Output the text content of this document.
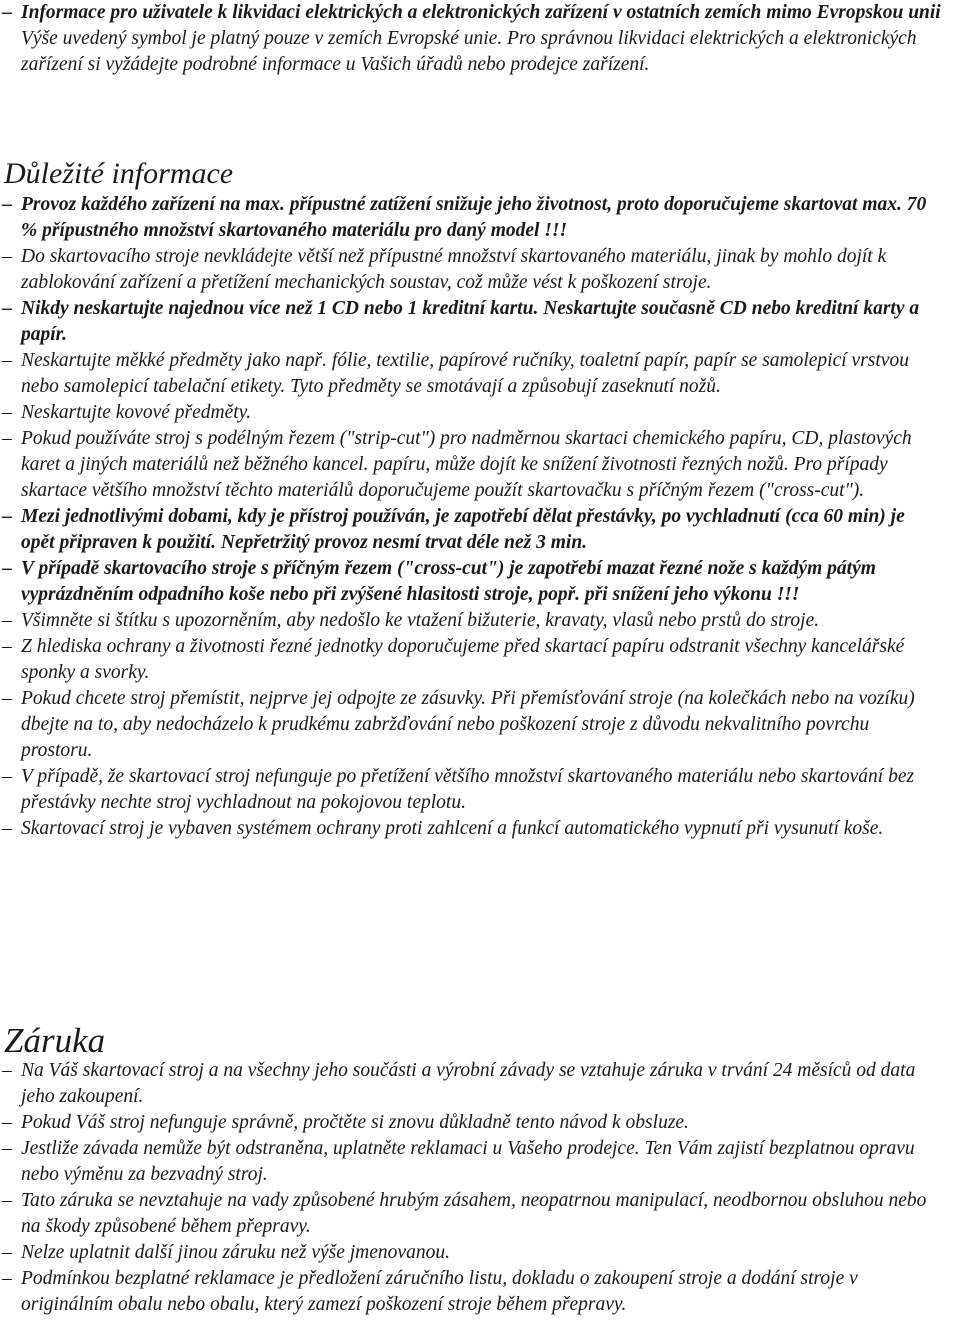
– Informace pro uživatele k likvidaci elektrických a elektronických zařízení v ostatních zemích mimo Evropskou unii
Výše uvedený symbol je platný pouze v zemích Evropské unie. Pro správnou likvidaci elektrických a elektronických zařízení si vyžádejte podrobné informace u Vašich úřadů nebo prodejce zařízení.
Důležité informace
– Provoz každého zařízení na max. přípustné zatížení snižuje jeho životnost, proto doporučujeme skartovat max. 70 % přípustného množství skartovaného materiálu pro daný model !!!
– Do skartovacího stroje nevkládejte větší než přípustné množství skartovaného materiálu, jinak by mohlo dojít k zablokování zařízení a přetížení mechanických soustav, což může vést k poškození stroje.
– Nikdy neskartujte najednou více než 1 CD nebo 1 kreditní kartu. Neskartujte současně CD nebo kreditní karty a papír.
– Neskartujte měkké předměty jako např. fólie, textilie, papírové ručníky, toaletní papír, papír se samolepicí vrstvou nebo samolepicí tabelační etikety. Tyto předměty se smotávají a způsobují zaseknutí nožů.
– Neskartujte kovové předměty.
– Pokud používáte stroj s podélným řezem ("strip-cut") pro nadměrnou skartaci chemického papíru, CD, plastových karet a jiných materiálů než běžného kancel. papíru, může dojít ke snížení životnosti řezných nožů. Pro případy skartace většího množství těchto materiálů doporučujeme použít skartovačku s příčným řezem ("cross-cut").
– Mezi jednotlivými dobami, kdy je přístroj používán, je zapotřebí dělat přestávky, po vychladnutí (cca 60 min) je opět připraven k použití. Nepřetržitý provoz nesmí trvat déle než 3 min.
– V případě skartovacího stroje s příčným řezem ("cross-cut") je zapotřebí mazat řezné nože s každým pátým vyprázdněním odpadního koše nebo při zvýšené hlasitosti stroje, popř. při snížení jeho výkonu !!!
– Všimněte si štítku s upozorněním, aby nedošlo ke vtažení bižuterie, kravaty, vlasů nebo prstů do stroje.
– Z hlediska ochrany a životnosti řezné jednotky doporučujeme před skartací papíru odstranit všechny kancelářské sponky a svorky.
– Pokud chcete stroj přemístit, nejprve jej odpojte ze zásuvky. Při přemísťování stroje (na kolečkách nebo na vozíku) dbejte na to, aby nedocházelo k prudkému zabržďování nebo poškození stroje z důvodu nekvalitního povrchu prostoru.
– V případě, že skartovací stroj nefunguje po přetížení většího množství skartovaného materiálu nebo skartování bez přestávky nechte stroj vychladnout na pokojovou teplotu.
– Skartovací stroj je vybaven systémem ochrany proti zahlcení a funkcí automatického vypnutí při vysunutí koše.
Záruka
– Na Váš skartovací stroj a na všechny jeho součásti a výrobní závady se vztahuje záruka v trvání 24 měsíců od data jeho zakoupení.
– Pokud Váš stroj nefunguje správně, pročtěte si znovu důkladně tento návod k obsluze.
– Jestliže závada nemůže být odstraněna, uplatněte reklamaci u Vašeho prodejce. Ten Vám zajistí bezplatnou opravu nebo výměnu za bezvadný stroj.
– Tato záruka se nevztahuje na vady způsobené hrubým zásahem, neopatrnou manipulací, neodbornou obsluhou nebo na škody způsobené během přepravy.
– Nelze uplatnit další jinou záruku než výše jmenovanou.
– Podmínkou bezplatné reklamace je předložení záručního listu, dokladu o zakoupení stroje a dodání stroje v originálním obalu nebo obalu, který zamezí poškození stroje během přepravy.
